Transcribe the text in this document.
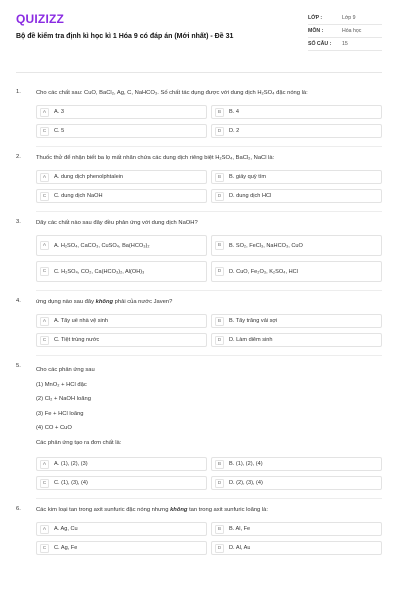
QUIZIZZ
Bộ đề kiểm tra định kì học kì 1 Hóa 9 có đáp án (Mới nhất) - Đề 31
LỚP :	Lớp 9
MÔN :	Hóa học
SỐ CÂU :	15
1.	Cho các chất sau: CuO, BaCl₂, Ag, C, NaHCO₃. Số chất tác dụng được với dung dịch H₂SO₄ đặc nóng là:
A	A. 3	B	B. 4
C	C. 5	D	D. 2
2.	Thuốc thử để nhận biết ba lọ mất nhãn chứa các dung dịch riêng biệt H₂SO₄, BaCl₂, NaCl là:
A	A. dung dịch phenolphtalein	B	B. giấy quỳ tím
C	C. dung dịch NaOH	D	D. dung dịch HCl
3.	Dãy các chất nào sau đây đều phản ứng với dung dịch NaOH?
A	A. H₂SO₄, CaCO₃, CuSO₄, Ba(HCO₃)₂	B	B. SO₂, FeCl₃, NaHCO₃, CuO
C	C. H₂SO₄, CO₂, Ca(HCO₃)₂, Al(OH)₃	D	D. CuO, Fe₂O₃, K₂SO₄, HCl
4.	ứng dụng nào sau đây không phải của nước Javen?
A	A. Tẩy uế nhà vệ sinh	B	B. Tẩy trắng vải sợi
C	C. Tiệt trùng nước	D	D. Làm diêm sinh
5.
Cho các phản ứng sau
(1) MnO₂ + HCl đặc
(2) Cl₂ + NaOH loãng
(3) Fe + HCl loãng
(4) CO + CuO
Các phản ứng tạo ra đơn chất là:
A	A. (1), (2), (3)	B	B. (1), (2), (4)
C	C. (1), (3), (4)	D	D. (2), (3), (4)
6.	Các kim loại tan trong axit sunfuric đặc nóng nhưng không tan trong axit sunfuric loãng là:
A	A. Ag, Cu	B	B. Al, Fe
C	C. Ag, Fe	D	D. Al, Au
